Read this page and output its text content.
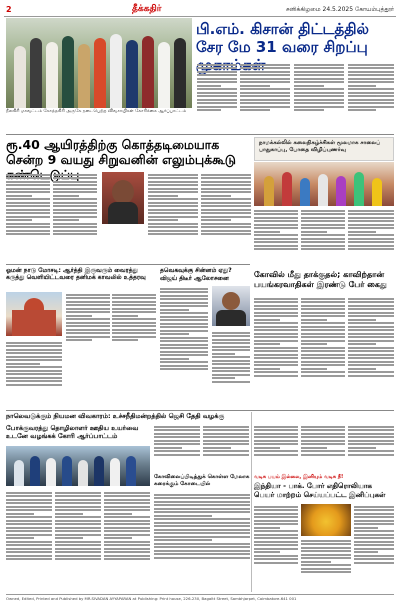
2	தீக்கதிர்	சனிக்கிழமை 24.5.2025 கோயம்புத்தூர்
நீலகிரி மாவட்டம் கோத்தகிரி அருகே நடைபெற்ற விவசாயிகள் கோரிக்கை ஆர்ப்பாட்டம்
பி.எம். கிசான் திட்டத்தில் சேர மே 31 வரை சிறப்பு
ரூ.40 ஆயிரத்திற்கு கொத்தடிமையாக சென்ற 9 வயது சிறுவனின் எலும்புக்கூடு
நாமக்கல்லில் கலைநிகழ்ச்சிகள் மூலமாக சாலைப் பாதுகாப்பு, போதை விழிப்புணர்வு
ஓமன் நாடு மோசடி: ஆர்த்தி இருவரும் வைரத்து கருத்து வெளியிட்டவரை தனிமக் காவலில் உத்தரவு
தவெகவுக்கு சின்னம் ஏது? விஜய் திடீர் ஆலோசனை	கோவில் மீது தாக்குதல்; காவிற்தான் பயங்கரவாதிகள் இரண்டு பேர் கைது
நாலெவடுக்கும் நியமன விவகாரம்: உச்சநீதிமன்றத்தில் ஜெசி தேதி வழக்கு
போக்குவரத்து தொழிலாளர் ஊதிய உயர்வை உடனே வழங்கக் கோரி ஆர்ப்பாட்டம்
கோவிலைப்பிடித்துக் கொள்ள மேலாக கரைக்கும் கோடையில்
வடிசு பயம் இல்லை, இனியும் வடிசு நீ!
இந்தியா - பாக். போர் எதிரொலியாக பெயர் மாற்றம் செய்யப்பட்ட இனிப்புகள்
Owned, Edited, Printed and Published by MR.SIVADAN AYYAPARAN at Publishing: Print house, 226-230, Bagaltt Street, Sambhjarpet, Coimbatore-641 001
